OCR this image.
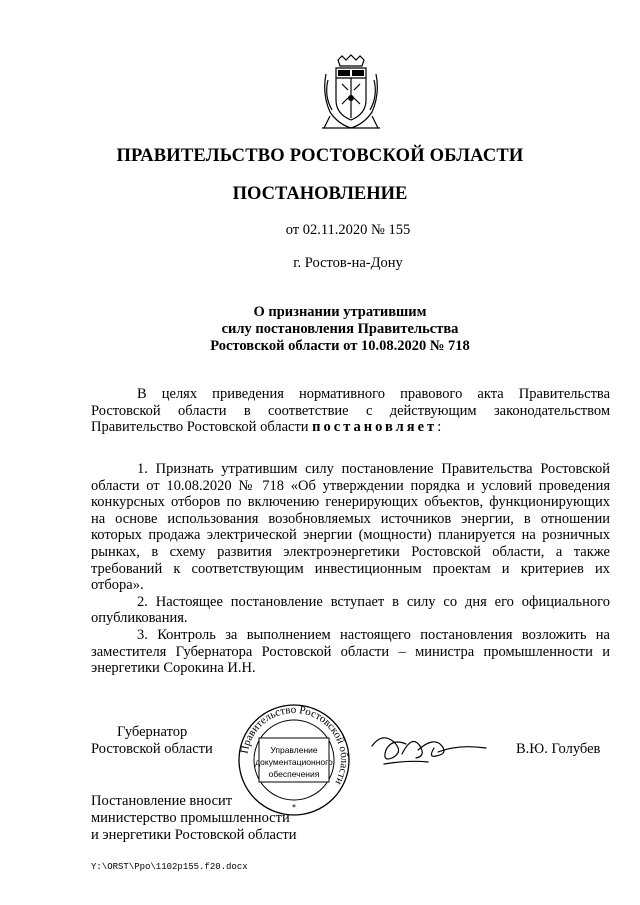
ПРАВИТЕЛЬСТВО РОСТОВСКОЙ ОБЛАСТИ
ПОСТАНОВЛЕНИЕ
от 02.11.2020 № 155
г. Ростов-на-Дону
О признании утратившим
силу постановления Правительства
Ростовской области от 10.08.2020 № 718

В целях приведения нормативного правового акта Правительства Ростовской области в соответствие с действующим законодательством Правительство Ростовской области постановляет:

1. Признать утратившим силу постановление Правительства Ростовской области от 10.08.2020 № 718 «Об утверждении порядка и условий проведения конкурсных отборов по включению генерирующих объектов, функционирующих на основе использования возобновляемых источников энергии, в отношении которых продажа электрической энергии (мощности) планируется на розничных рынках, в схему развития электроэнергетики Ростовской области, а также требований к соответствующим инвестиционным проектам и критериев их отбора».

2. Настоящее постановление вступает в силу со дня его официального опубликования.

3. Контроль за выполнением настоящего постановления возложить на заместителя Губернатора Ростовской области – министра промышленности и энергетики Сорокина И.Н.

Губернатор
Ростовской области Правительство Ростовской области
Управление
документационного
обеспечения
*
В.Ю. Голубев
Постановление вносит
министерство промышленности
и энергетики Ростовской области
Y:\ORST\Ppo\1102p155.f20.docx
